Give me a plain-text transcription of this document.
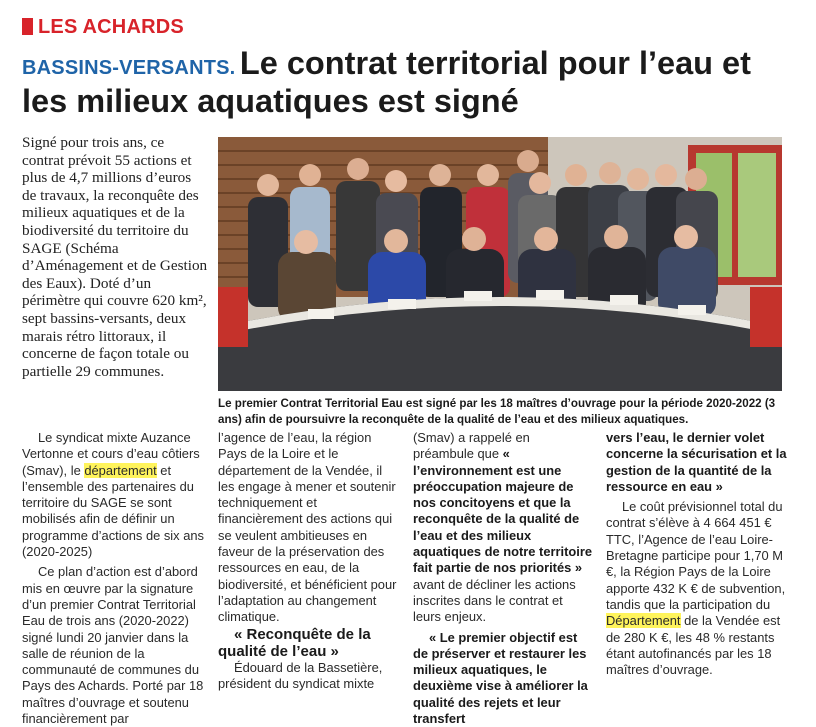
LES ACHARDS
BASSINS-VERSANTS. Le contrat territorial pour l’eau et les milieux aquatiques est signé
Signé pour trois ans, ce contrat prévoit 55 actions et plus de 4,7 millions d’euros de travaux, la reconquête des milieux aquatiques et de la biodiversité du territoire du SAGE (Schéma d’Aménagement et de Gestion des Eaux). Doté d’un périmètre qui couvre 620 km², sept bassins-versants, deux marais rétro littoraux, il concerne de façon totale ou partielle 29 communes.
Le premier Contrat Territorial Eau est signé par les 18 maîtres d’ouvrage pour la période 2020-2022 (3 ans) afin de poursuivre la reconquête de la qualité de l’eau et des milieux aquatiques.

Le syndicat mixte Auzance Vertonne et cours d’eau côtiers (Smav), le département et l’ensemble des partenaires du territoire du SAGE se sont mobilisés afin de définir un programme d’actions de six ans (2020-2025)

Ce plan d’action est d’abord mis en œuvre par la signature d’un premier Contrat Territorial Eau de trois ans (2020-2022) signé lundi 20 janvier dans la salle de réunion de la communauté de communes du Pays des Achards. Porté par 18 maîtres d’ouvrage et soutenu financièrement par

l’agence de l’eau, la région Pays de la Loire et le département de la Vendée, il les engage à mener et soutenir techniquement et financièrement des actions qui se veulent ambitieuses en faveur de la préservation des ressources en eau, de la biodiversité, et bénéficient pour l’adaptation au changement climatique.

« Reconquête de la qualité de l’eau »

Édouard de la Bassetière, président du syndicat mixte

(Smav) a rappelé en préambule que « l’environnement est une préoccupation majeure de nos concitoyens et que la reconquête de la qualité de l’eau et des milieux aquatiques de notre territoire fait partie de nos priorités » avant de décliner les actions inscrites dans le contrat et leurs enjeux.

« Le premier objectif est de préserver et restaurer les milieux aquatiques, le deuxième vise à améliorer la qualité des rejets et leur transfert

vers l’eau, le dernier volet concerne la sécurisation et la gestion de la quantité de la ressource en eau »

Le coût prévisionnel total du contrat s’élève à 4 664 451 € TTC, l’Agence de l’eau Loire-Bretagne participe pour 1,70 M €, la Région Pays de la Loire apporte 432 K € de subvention, tandis que la participation du Département de la Vendée est de 280 K €, les 48 % restants étant autofinancés par les 18 maîtres d’ouvrage.
